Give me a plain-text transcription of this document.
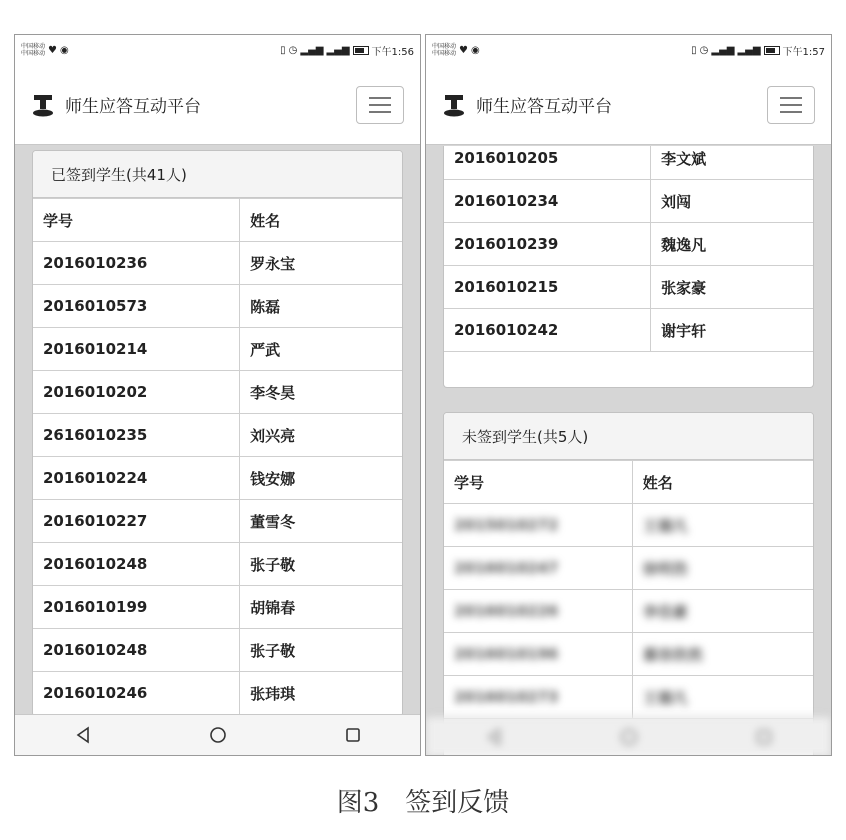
中国移动
中国移动 ♥ ◉	▯ ◷ ▂▄▆ ▂▄▆ 下午1:56
师生应答互动平台
已签到学生(共41人)
学号	姓名
2016010236	罗永宝
2016010573	陈磊
2016010214	严武
2016010202	李冬昊
2616010235	刘兴亮
2016010224	钱安娜
2016010227	董雪冬
2016010248	张子敬
2016010199	胡锦春
2016010248	张子敬
2016010246	张玮琪
中国移动
中国移动 ♥ ◉	▯ ◷ ▂▄▆ ▂▄▆ 下午1:57
师生应答互动平台
2016010205	李文斌
2016010234	刘闯
2016010239	魏逸凡
2016010215	张家豪
2016010242	谢宇轩
未签到学生(共5人)
学号	姓名
2015010272	王德凡
2016010247	徐明浩
2016010226	李佳豪
2016010196	慕容欣然
2016010273	王德凡
图3　签到反馈
